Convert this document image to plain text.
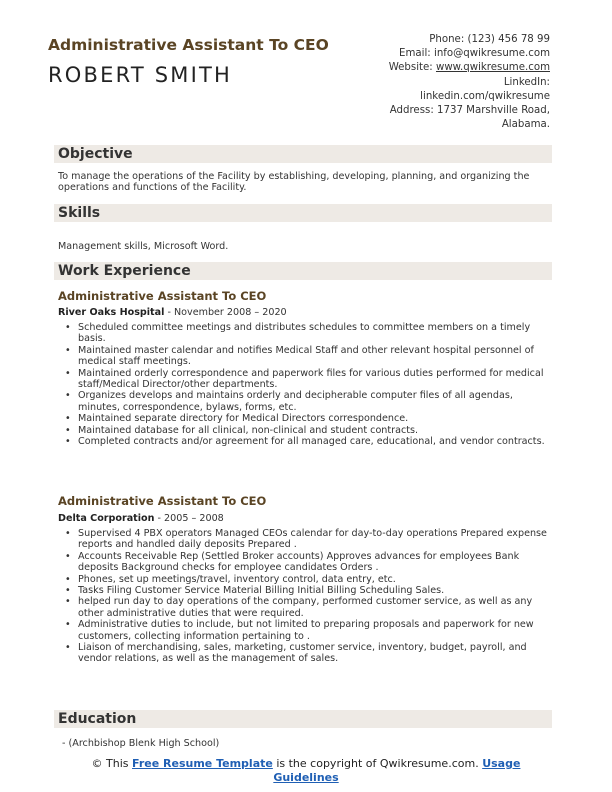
Administrative Assistant To CEO
ROBERT SMITH
Phone: (123) 456 78 99
Email: info@qwikresume.com
Website: www.qwikresume.com
LinkedIn:
linkedin.com/qwikresume
Address: 1737 Marshville Road,
Alabama.
Objective
To manage the operations of the Facility by establishing, developing, planning, and organizing the operations and functions of the Facility.
Skills
Management skills, Microsoft Word.
Work Experience
Administrative Assistant To CEO
River Oaks Hospital - November 2008 – 2020
• Scheduled committee meetings and distributes schedules to committee members on a timely basis.
• Maintained master calendar and notifies Medical Staff and other relevant hospital personnel of medical staff meetings.
• Maintained orderly correspondence and paperwork files for various duties performed for medical staff/Medical Director/other departments.
• Organizes develops and maintains orderly and decipherable computer files of all agendas, minutes, correspondence, bylaws, forms, etc.
• Maintained separate directory for Medical Directors correspondence.
• Maintained database for all clinical, non-clinical and student contracts.
• Completed contracts and/or agreement for all managed care, educational, and vendor contracts.
Administrative Assistant To CEO
Delta Corporation - 2005 – 2008
• Supervised 4 PBX operators Managed CEOs calendar for day-to-day operations Prepared expense reports and handled daily deposits Prepared .
• Accounts Receivable Rep (Settled Broker accounts) Approves advances for employees Bank deposits Background checks for employee candidates Orders .
• Phones, set up meetings/travel, inventory control, data entry, etc.
• Tasks Filing Customer Service Material Billing Initial Billing Scheduling Sales.
• helped run day to day operations of the company, performed customer service, as well as any other administrative duties that were required.
• Administrative duties to include, but not limited to preparing proposals and paperwork for new customers, collecting information pertaining to .
• Liaison of merchandising, sales, marketing, customer service, inventory, budget, payroll, and vendor relations, as well as the management of sales.
Education
- (Archbishop Blenk High School)
© This Free Resume Template is the copyright of Qwikresume.com. Usage
Guidelines
